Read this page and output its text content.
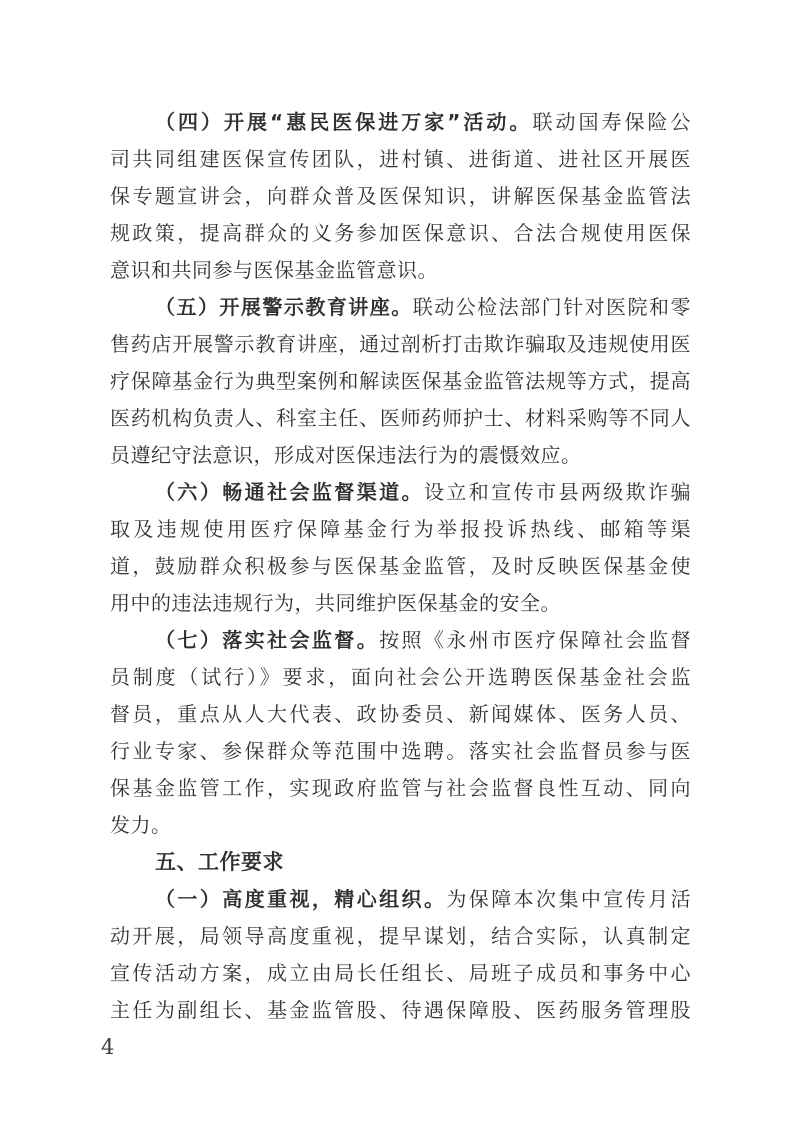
（四）开展“惠民医保进万家”活动。联动国寿保险公
司共同组建医保宣传团队，进村镇、进街道、进社区开展医
保专题宣讲会，向群众普及医保知识，讲解医保基金监管法
规政策，提高群众的义务参加医保意识、合法合规使用医保
意识和共同参与医保基金监管意识。
（五）开展警示教育讲座。联动公检法部门针对医院和零
售药店开展警示教育讲座，通过剖析打击欺诈骗取及违规使用医
疗保障基金行为典型案例和解读医保基金监管法规等方式，提高
医药机构负责人、科室主任、医师药师护士、材料采购等不同人
员遵纪守法意识，形成对医保违法行为的震慑效应。
（六）畅通社会监督渠道。设立和宣传市县两级欺诈骗
取及违规使用医疗保障基金行为举报投诉热线、邮箱等渠
道，鼓励群众积极参与医保基金监管，及时反映医保基金使
用中的违法违规行为，共同维护医保基金的安全。
（七）落实社会监督。按照《永州市医疗保障社会监督
员制度（试行）》要求，面向社会公开选聘医保基金社会监
督员，重点从人大代表、政协委员、新闻媒体、医务人员、
行业专家、参保群众等范围中选聘。落实社会监督员参与医
保基金监管工作，实现政府监管与社会监督良性互动、同向
发力。
五、工作要求
（一）高度重视，精心组织。为保障本次集中宣传月活
动开展，局领导高度重视，提早谋划，结合实际，认真制定
宣传活动方案，成立由局长任组长、局班子成员和事务中心
主任为副组长、基金监管股、待遇保障股、医药服务管理股
4
